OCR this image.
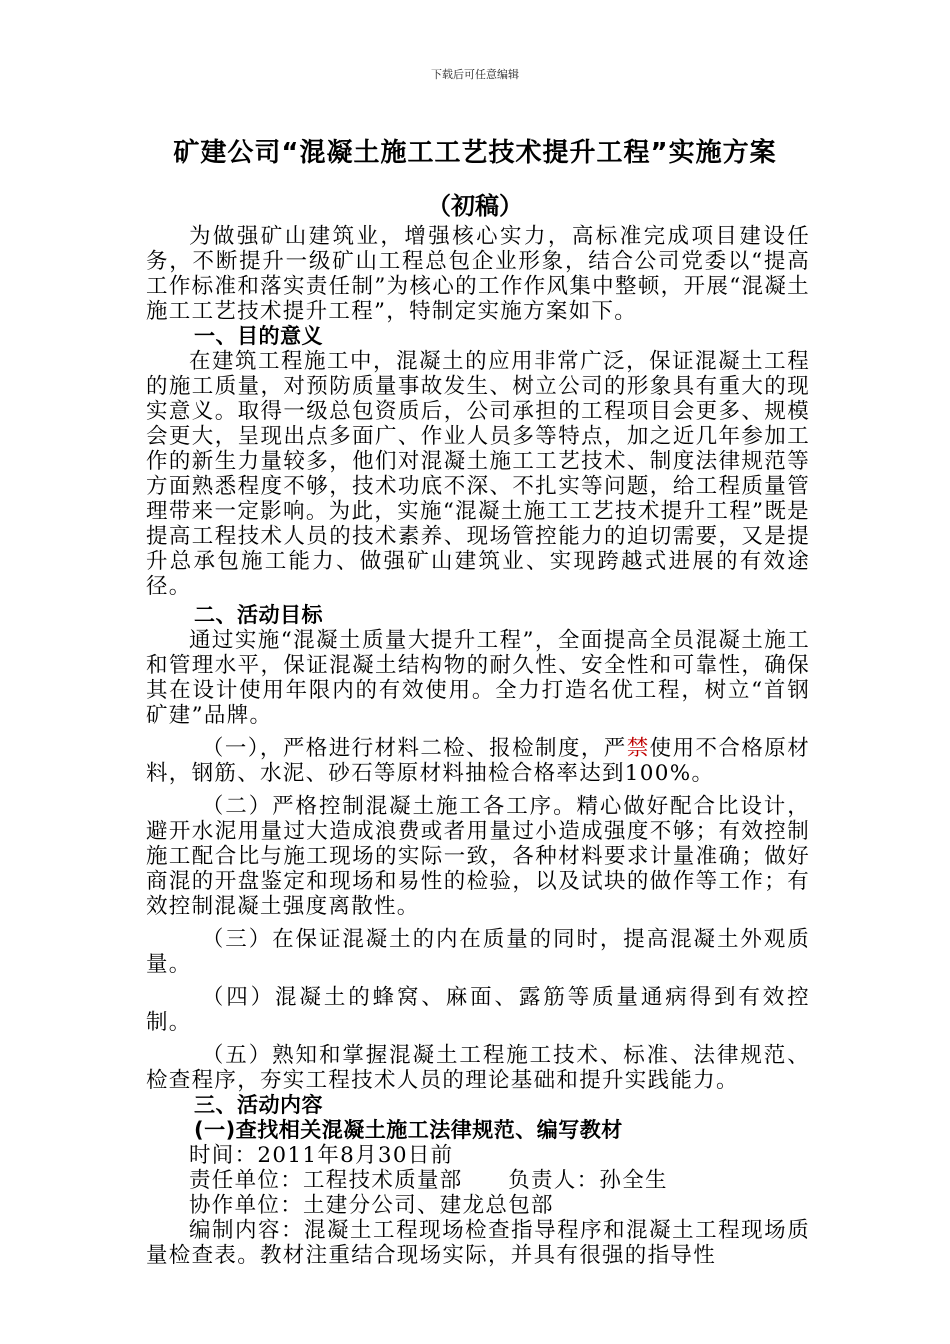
下载后可任意编辑
矿建公司“混凝土施工工艺技术提升工程”实施方案
（初稿）

为做强矿山建筑业，增强核心实力，高标准完成项目建设任务，不断提升一级矿山工程总包企业形象，结合公司党委以“提高工作标准和落实责任制”为核心的工作作风集中整顿，开展“混凝土施工工艺技术提升工程”，特制定实施方案如下。

一、目的意义

在建筑工程施工中，混凝土的应用非常广泛，保证混凝土工程的施工质量，对预防质量事故发生、树立公司的形象具有重大的现实意义。取得一级总包资质后，公司承担的工程项目会更多、规模会更大，呈现出点多面广、作业人员多等特点，加之近几年参加工作的新生力量较多，他们对混凝土施工工艺技术、制度法律规范等方面熟悉程度不够，技术功底不深、不扎实等问题，给工程质量管理带来一定影响。为此，实施“混凝土施工工艺技术提升工程”既是提高工程技术人员的技术素养、现场管控能力的迫切需要，又是提升总承包施工能力、做强矿山建筑业、实现跨越式进展的有效途径。

二、活动目标

通过实施“混凝土质量大提升工程”，全面提高全员混凝土施工和管理水平，保证混凝土结构物的耐久性、安全性和可靠性，确保其在设计使用年限内的有效使用。全力打造名优工程，树立“首钢矿建”品牌。

（一），严格进行材料二检、报检制度，严禁使用不合格原材料，钢筋、水泥、砂石等原材料抽检合格率达到100%。

（二）严格控制混凝土施工各工序。精心做好配合比设计，避开水泥用量过大造成浪费或者用量过小造成强度不够；有效控制施工配合比与施工现场的实际一致，各种材料要求计量准确；做好商混的开盘鉴定和现场和易性的检验，以及试块的做作等工作；有效控制混凝土强度离散性。

（三）在保证混凝土的内在质量的同时，提高混凝土外观质量。

（四）混凝土的蜂窝、麻面、露筋等质量通病得到有效控制。

（五）熟知和掌握混凝土工程施工技术、标准、法律规范、检查程序，夯实工程技术人员的理论基础和提升实践能力。

三、活动内容

(一)查找相关混凝土施工法律规范、编写教材

时间：2011年8月30日前

责任单位：工程技术质量部　　负责人：孙全生

协作单位：土建分公司、建龙总包部

编制内容：混凝土工程现场检查指导程序和混凝土工程现场质量检查表。教材注重结合现场实际，并具有很强的指导性
